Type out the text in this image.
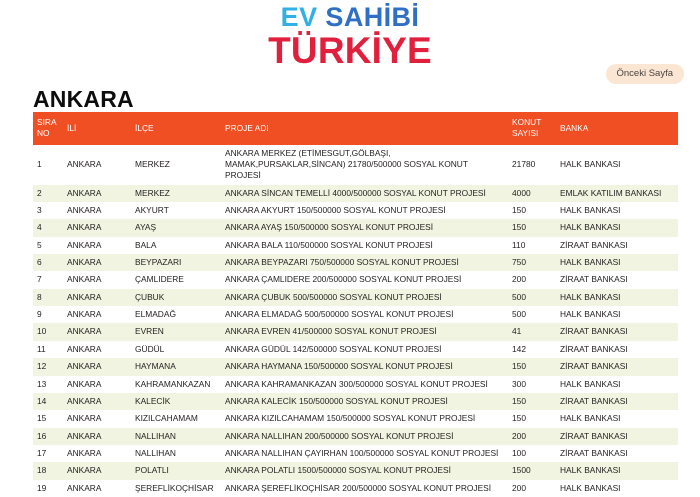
EV SAHİBİ
TÜRKİYE
Önceki Sayfa
ANKARA
SIRA NO	İLİ	İLÇE	PROJE ADI	KONUT SAYISI	BANKA
1	ANKARA	MERKEZ	ANKARA MERKEZ (ETİMESGUT,GÖLBAŞI, MAMAK,PURSAKLAR,SİNCAN) 21780/500000 SOSYAL KONUT PROJESİ	21780	HALK BANKASI
2	ANKARA	MERKEZ	ANKARA SİNCAN TEMELLİ 4000/500000 SOSYAL KONUT PROJESİ	4000	EMLAK KATILIM BANKASI
3	ANKARA	AKYURT	ANKARA AKYURT 150/500000 SOSYAL KONUT PROJESİ	150	HALK BANKASI
4	ANKARA	AYAŞ	ANKARA AYAŞ 150/500000 SOSYAL KONUT PROJESİ	150	HALK BANKASI
5	ANKARA	BALA	ANKARA BALA 110/500000 SOSYAL KONUT PROJESİ	110	ZİRAAT BANKASI
6	ANKARA	BEYPAZARI	ANKARA BEYPAZARI 750/500000 SOSYAL KONUT PROJESİ	750	HALK BANKASI
7	ANKARA	ÇAMLIDERE	ANKARA ÇAMLIDERE 200/500000 SOSYAL KONUT PROJESİ	200	ZİRAAT BANKASI
8	ANKARA	ÇUBUK	ANKARA ÇUBUK 500/500000 SOSYAL KONUT PROJESİ	500	HALK BANKASI
9	ANKARA	ELMADAĞ	ANKARA ELMADAĞ 500/500000 SOSYAL KONUT PROJESİ	500	HALK BANKASI
10	ANKARA	EVREN	ANKARA EVREN 41/500000 SOSYAL KONUT PROJESİ	41	ZİRAAT BANKASI
11	ANKARA	GÜDÜL	ANKARA GÜDÜL 142/500000 SOSYAL KONUT PROJESİ	142	ZİRAAT BANKASI
12	ANKARA	HAYMANA	ANKARA HAYMANA 150/500000 SOSYAL KONUT PROJESİ	150	ZİRAAT BANKASI
13	ANKARA	KAHRAMANKAZAN	ANKARA KAHRAMANKAZAN 300/500000 SOSYAL KONUT PROJESİ	300	HALK BANKASI
14	ANKARA	KALECİK	ANKARA KALECİK 150/500000 SOSYAL KONUT PROJESİ	150	ZİRAAT BANKASI
15	ANKARA	KIZILCAHAMAM	ANKARA KIZILCAHAMAM 150/500000 SOSYAL KONUT PROJESİ	150	HALK BANKASI
16	ANKARA	NALLIHAN	ANKARA NALLIHAN 200/500000 SOSYAL KONUT PROJESİ	200	ZİRAAT BANKASI
17	ANKARA	NALLIHAN	ANKARA NALLIHAN ÇAYIRHAN 100/500000 SOSYAL KONUT PROJESİ	100	ZİRAAT BANKASI
18	ANKARA	POLATLI	ANKARA POLATLI 1500/500000 SOSYAL KONUT PROJESİ	1500	HALK BANKASI
19	ANKARA	ŞEREFLİKOÇHİSAR	ANKARA ŞEREFLİKOÇHİSAR 200/500000 SOSYAL KONUT PROJESİ	200	HALK BANKASI
